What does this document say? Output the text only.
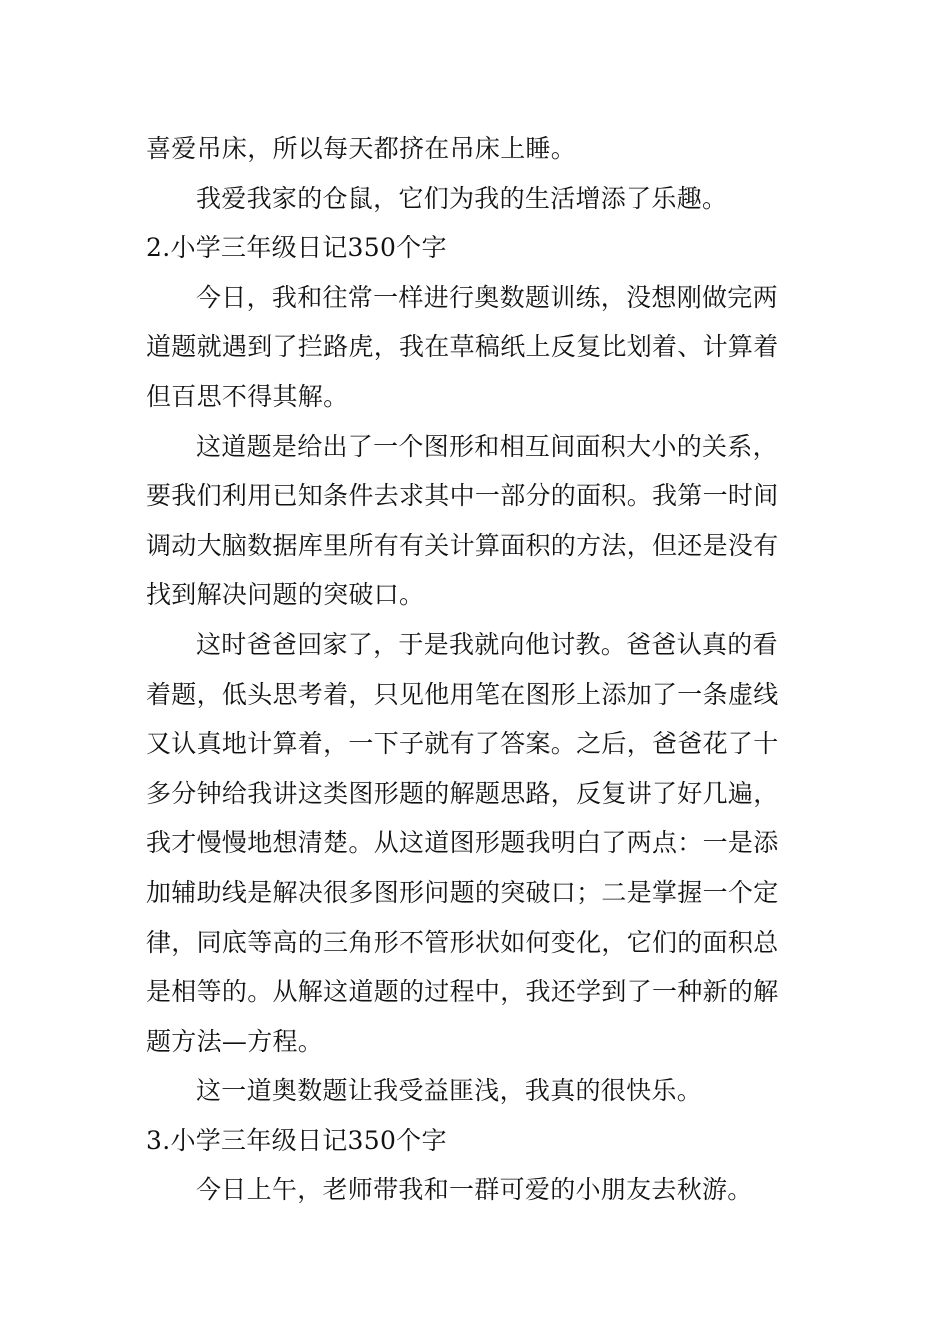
喜爱吊床，所以每天都挤在吊床上睡。
我爱我家的仓鼠，它们为我的生活增添了乐趣。
2.小学三年级日记350个字
今日，我和往常一样进行奥数题训练，没想刚做完两
道题就遇到了拦路虎，我在草稿纸上反复比划着、计算着
但百思不得其解。
这道题是给出了一个图形和相互间面积大小的关系，
要我们利用已知条件去求其中一部分的面积。我第一时间
调动大脑数据库里所有有关计算面积的方法，但还是没有
找到解决问题的突破口。
这时爸爸回家了，于是我就向他讨教。爸爸认真的看
着题，低头思考着，只见他用笔在图形上添加了一条虚线
又认真地计算着，一下子就有了答案。之后，爸爸花了十
多分钟给我讲这类图形题的解题思路，反复讲了好几遍，
我才慢慢地想清楚。从这道图形题我明白了两点：一是添
加辅助线是解决很多图形问题的突破口；二是掌握一个定
律，同底等高的三角形不管形状如何变化，它们的面积总
是相等的。从解这道题的过程中，我还学到了一种新的解
题方法—方程。
这一道奥数题让我受益匪浅，我真的很快乐。
3.小学三年级日记350个字
今日上午，老师带我和一群可爱的小朋友去秋游。
